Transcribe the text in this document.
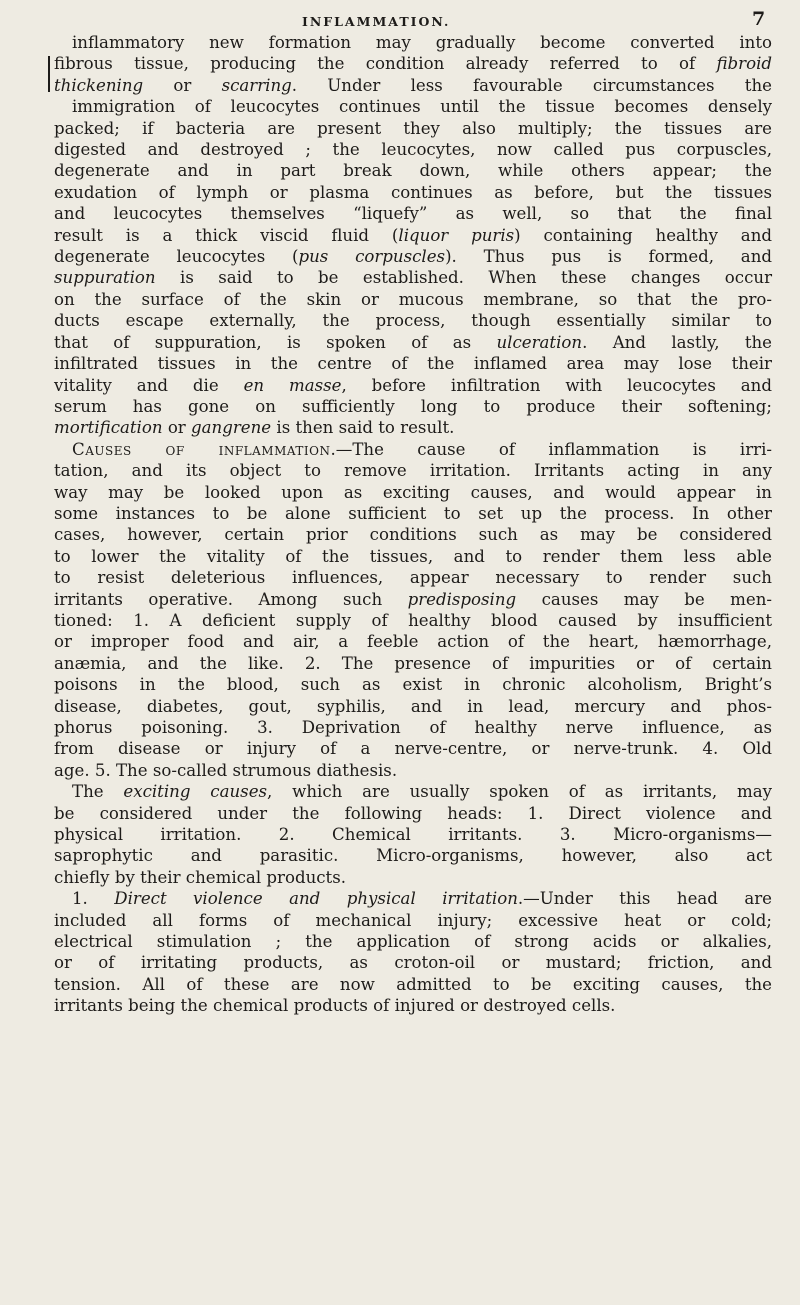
INFLAMMATION.	7
inflammatory new formation may gradually become converted into
fibrous tissue, producing the condition already referred to of fibroid
thickening or scarring. Under less favourable circumstances the
immigration of leucocytes continues until the tissue becomes densely
packed; if bacteria are present they also multiply; the tissues are
digested and destroyed ; the leucocytes, now called pus corpuscles,
degenerate and in part break down, while others appear; the
exudation of lymph or plasma continues as before, but the tissues
and leucocytes themselves “liquefy” as well, so that the final
result is a thick viscid fluid (liquor puris) containing healthy and
degenerate leucocytes (pus corpuscles). Thus pus is formed, and
suppuration is said to be established. When these changes occur
on the surface of the skin or mucous membrane, so that the pro-
ducts escape externally, the process, though essentially similar to
that of suppuration, is spoken of as ulceration. And lastly, the
infiltrated tissues in the centre of the inflamed area may lose their
vitality and die en masse, before infiltration with leucocytes and
serum has gone on sufficiently long to produce their softening;
mortification or gangrene is then said to result.
Causes of inflammation.—The cause of inflammation is irri-
tation, and its object to remove irritation. Irritants acting in any
way may be looked upon as exciting causes, and would appear in
some instances to be alone sufficient to set up the process. In other
cases, however, certain prior conditions such as may be considered
to lower the vitality of the tissues, and to render them less able
to resist deleterious influences, appear necessary to render such
irritants operative. Among such predisposing causes may be men-
tioned: 1. A deficient supply of healthy blood caused by insufficient
or improper food and air, a feeble action of the heart, hæmorrhage,
anæmia, and the like. 2. The presence of impurities or of certain
poisons in the blood, such as exist in chronic alcoholism, Bright’s
disease, diabetes, gout, syphilis, and in lead, mercury and phos-
phorus poisoning. 3. Deprivation of healthy nerve influence, as
from disease or injury of a nerve-centre, or nerve-trunk. 4. Old
age. 5. The so-called strumous diathesis.
The exciting causes, which are usually spoken of as irritants, may
be considered under the following heads: 1. Direct violence and
physical irritation. 2. Chemical irritants. 3. Micro-organisms—
saprophytic and parasitic. Micro-organisms, however, also act
chiefly by their chemical products.
1. Direct violence and physical irritation.—Under this head are
included all forms of mechanical injury; excessive heat or cold;
electrical stimulation ; the application of strong acids or alkalies,
or of irritating products, as croton-oil or mustard; friction, and
tension. All of these are now admitted to be exciting causes, the
irritants being the chemical products of injured or destroyed cells.
